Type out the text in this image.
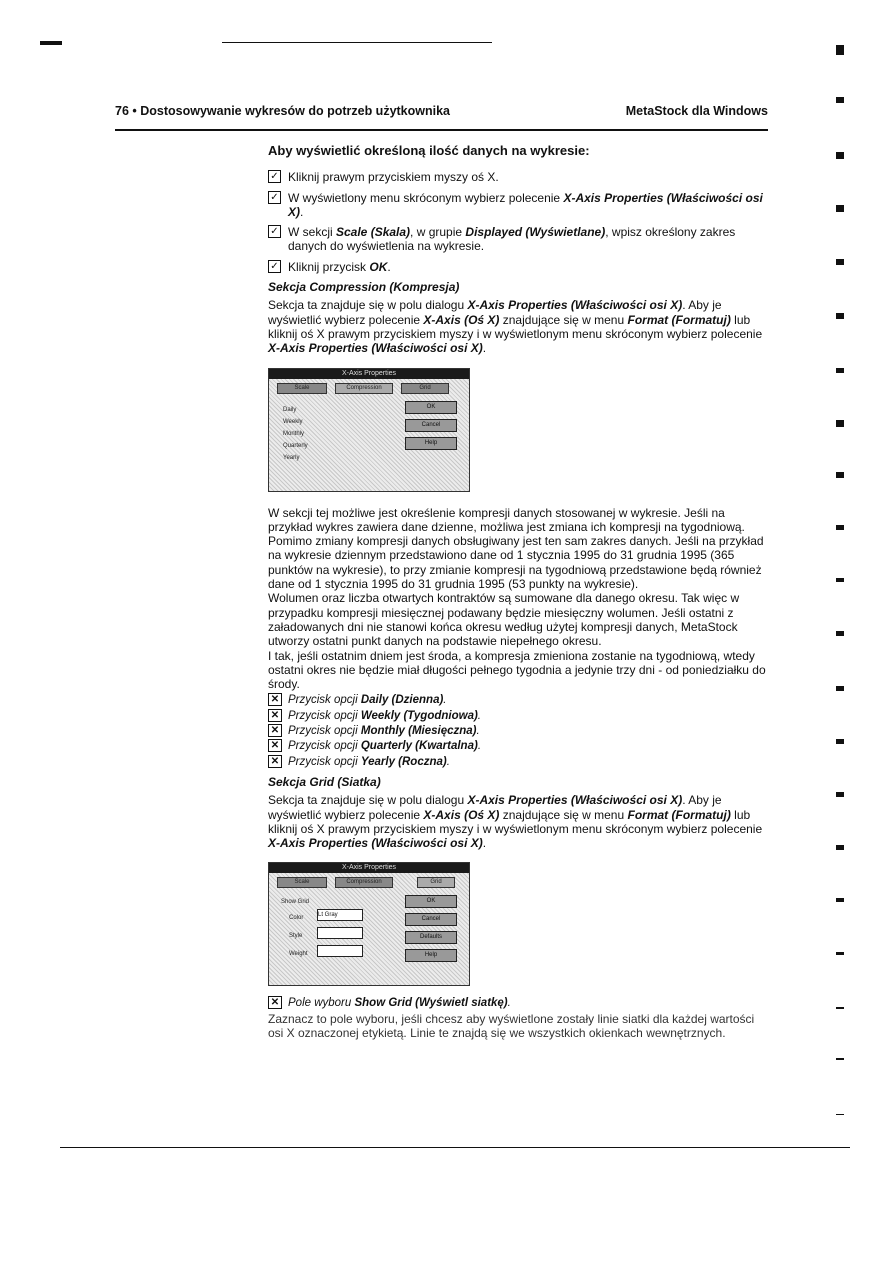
76 • Dostosowywanie wykresów do potrzeb użytkownika	MetaStock dla Windows

Aby wyświetlić określoną ilość danych na wykresie:

✓ Kliknij prawym przyciskiem myszy oś X.

✓ W wyświetlony menu skróconym wybierz polecenie X-Axis Properties (Właściwości osi X).

✓ W sekcji Scale (Skala), w grupie Displayed (Wyświetlane), wpisz określony zakres danych do wyświetlenia na wykresie.

✓ Kliknij przycisk OK.

Sekcja Compression (Kompresja)

Sekcja ta znajduje się w polu dialogu X-Axis Properties (Właściwości osi X). Aby je wyświetlić wybierz polecenie X-Axis (Oś X) znajdujące się w menu Format (Formatuj) lub kliknij oś X prawym przyciskiem myszy i w wyświetlonym menu skróconym wybierz polecenie X-Axis Properties (Właściwości osi X).

X-Axis Properties
Scale	Compression	Grid
Daily
Weekly
Monthly
Quarterly
Yearly
OK
Cancel
Help

W sekcji tej możliwe jest określenie kompresji danych stosowanej w wykresie. Jeśli na przykład wykres zawiera dane dzienne, możliwa jest zmiana ich kompresji na tygodniową. Pomimo zmiany kompresji danych obsługiwany jest ten sam zakres danych. Jeśli na przykład na wykresie dziennym przedstawiono dane od 1 stycznia 1995 do 31 grudnia 1995 (365 punktów na wykresie), to przy zmianie kompresji na tygodniową przedstawione będą również dane od 1 stycznia 1995 do 31 grudnia 1995 (53 punkty na wykresie).

Wolumen oraz liczba otwartych kontraktów są sumowane dla danego okresu. Tak więc w przypadku kompresji miesięcznej podawany będzie miesięczny wolumen. Jeśli ostatni z załadowanych dni nie stanowi końca okresu według użytej kompresji danych, MetaStock utworzy ostatni punkt danych na podstawie niepełnego okresu.

I tak, jeśli ostatnim dniem jest środa, a kompresja zmieniona zostanie na tygodniową, wtedy ostatni okres nie będzie miał długości pełnego tygodnia a jedynie trzy dni - od poniedziałku do środy.

✕ Przycisk opcji Daily (Dzienna).

✕ Przycisk opcji Weekly (Tygodniowa).

✕ Przycisk opcji Monthly (Miesięczna).

✕ Przycisk opcji Quarterly (Kwartalna).

✕ Przycisk opcji Yearly (Roczna).

Sekcja Grid (Siatka)

Sekcja ta znajduje się w polu dialogu X-Axis Properties (Właściwości osi X). Aby je wyświetlić wybierz polecenie X-Axis (Oś X) znajdujące się w menu Format (Formatuj) lub kliknij oś X prawym przyciskiem myszy i w wyświetlonym menu skróconym wybierz polecenie X-Axis Properties (Właściwości osi X).

X-Axis Properties
Scale	Compression	Grid
Show Grid
Color Lt Gray
Style
Weight
OK
Cancel
Defaults
Help

✕ Pole wyboru Show Grid (Wyświetl siatkę).

Zaznacz to pole wyboru, jeśli chcesz aby wyświetlone zostały linie siatki dla każdej wartości osi X oznaczonej etykietą. Linie te znajdą się we wszystkich okienkach wewnętrznych.
